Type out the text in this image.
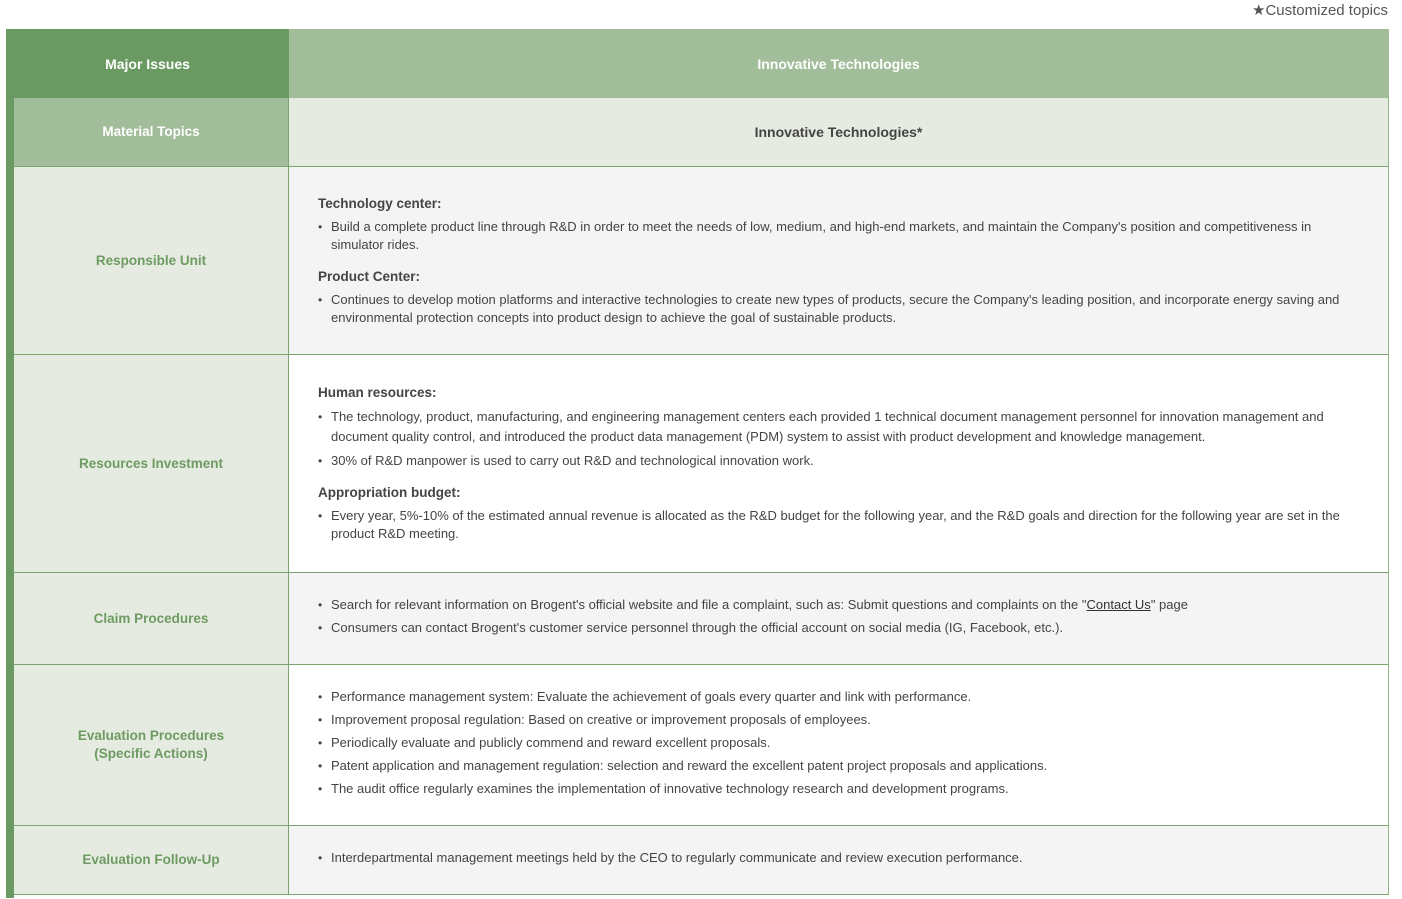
★Customized topics
Major Issues	Innovative Technologies
Material Topics	Innovative Technologies*
Responsible Unit
Technology center:
• Build a complete product line through R&D in order to meet the needs of low, medium, and high-end markets, and maintain the Company's position and competitiveness in simulator rides.
Product Center:
• Continues to develop motion platforms and interactive technologies to create new types of products, secure the Company's leading position, and incorporate energy saving and environmental protection concepts into product design to achieve the goal of sustainable products.
Resources Investment
Human resources:
• The technology, product, manufacturing, and engineering management centers each provided 1 technical document management personnel for innovation management and document quality control, and introduced the product data management (PDM) system to assist with product development and knowledge management.
• 30% of R&D manpower is used to carry out R&D and technological innovation work.
Appropriation budget:
• Every year, 5%-10% of the estimated annual revenue is allocated as the R&D budget for the following year, and the R&D goals and direction for the following year are set in the product R&D meeting.
Claim Procedures
• Search for relevant information on Brogent's official website and file a complaint, such as: Submit questions and complaints on the "Contact Us" page
• Consumers can contact Brogent's customer service personnel through the official account on social media (IG, Facebook, etc.).
Evaluation Procedures
(Specific Actions)
• Performance management system: Evaluate the achievement of goals every quarter and link with performance.
• Improvement proposal regulation: Based on creative or improvement proposals of employees.
• Periodically evaluate and publicly commend and reward excellent proposals.
• Patent application and management regulation: selection and reward the excellent patent project proposals and applications.
• The audit office regularly examines the implementation of innovative technology research and development programs.
Evaluation Follow-Up
•	Interdepartmental management meetings held by the CEO to regularly communicate and review execution performance.
